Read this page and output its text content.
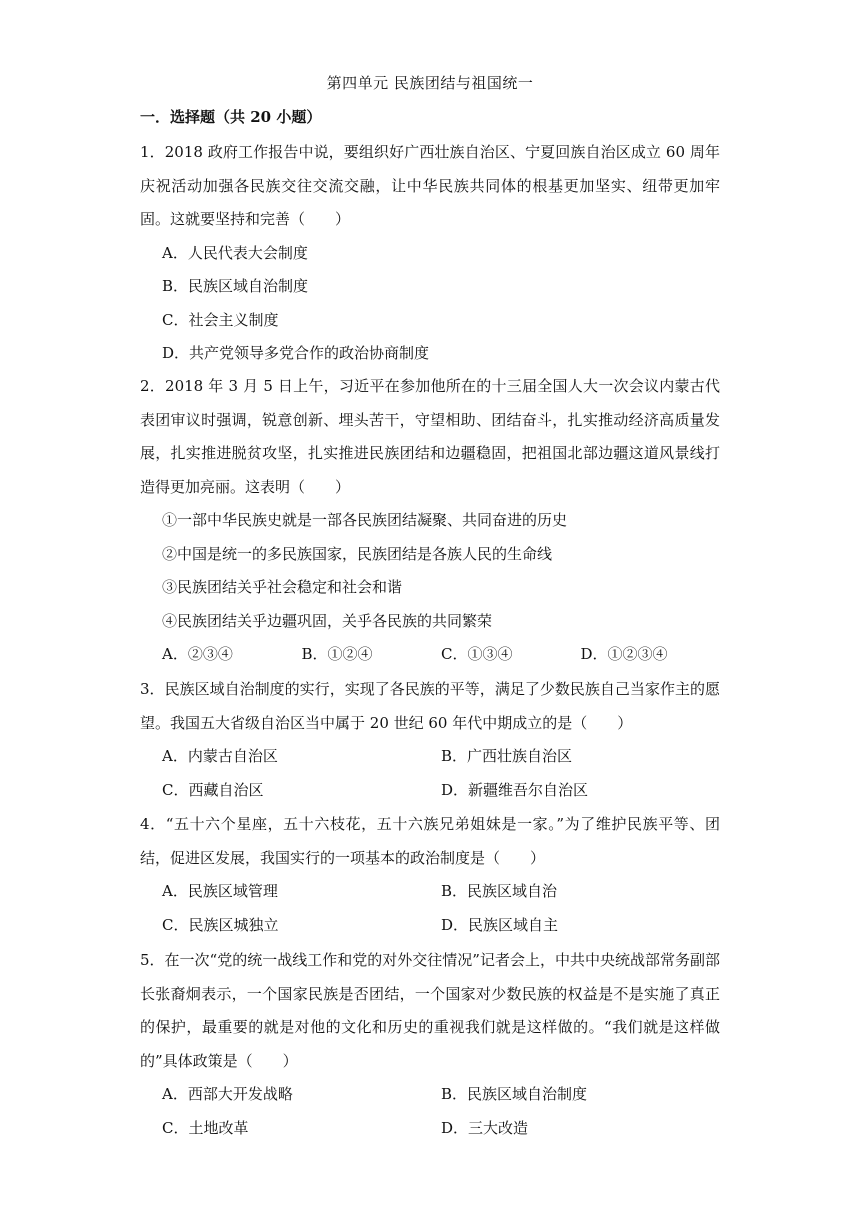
第四单元 民族团结与祖国统一
一．选择题（共 20 小题）
1．2018 政府工作报告中说，要组织好广西壮族自治区、宁夏回族自治区成立 60 周年庆祝活动加强各民族交往交流交融，让中华民族共同体的根基更加坚实、纽带更加牢固。这就要坚持和完善（　　）
A．人民代表大会制度
B．民族区域自治制度
C．社会主义制度
D．共产党领导多党合作的政治协商制度
2．2018 年 3 月 5 日上午，习近平在参加他所在的十三届全国人大一次会议内蒙古代表团审议时强调，锐意创新、埋头苦干，守望相助、团结奋斗，扎实推动经济高质量发展，扎实推进脱贫攻坚，扎实推进民族团结和边疆稳固，把祖国北部边疆这道风景线打造得更加亮丽。这表明（　　）
①一部中华民族史就是一部各民族团结凝聚、共同奋进的历史
②中国是统一的多民族国家，民族团结是各族人民的生命线
③民族团结关乎社会稳定和社会和谐
④民族团结关乎边疆巩固，关乎各民族的共同繁荣
A．②③④	B．①②④	C．①③④	D．①②③④
3．民族区域自治制度的实行，实现了各民族的平等，满足了少数民族自己当家作主的愿望。我国五大省级自治区当中属于 20 世纪 60 年代中期成立的是（　　）
A．内蒙古自治区	B．广西壮族自治区
C．西藏自治区	D．新疆维吾尔自治区
4．“五十六个星座，五十六枝花，五十六族兄弟姐妹是一家。”为了维护民族平等、团结，促进区发展，我国实行的一项基本的政治制度是（　　）
A．民族区域管理	B．民族区域自治
C．民族区城独立	D．民族区域自主
5．在一次“党的统一战线工作和党的对外交往情况”记者会上，中共中央统战部常务副部长张裔炯表示，一个国家民族是否团结，一个国家对少数民族的权益是不是实施了真正的保护，最重要的就是对他的文化和历史的重视我们就是这样做的。“我们就是这样做的”具体政策是（　　）
A．西部大开发战略	B．民族区域自治制度
C．土地改革	D．三大改造
